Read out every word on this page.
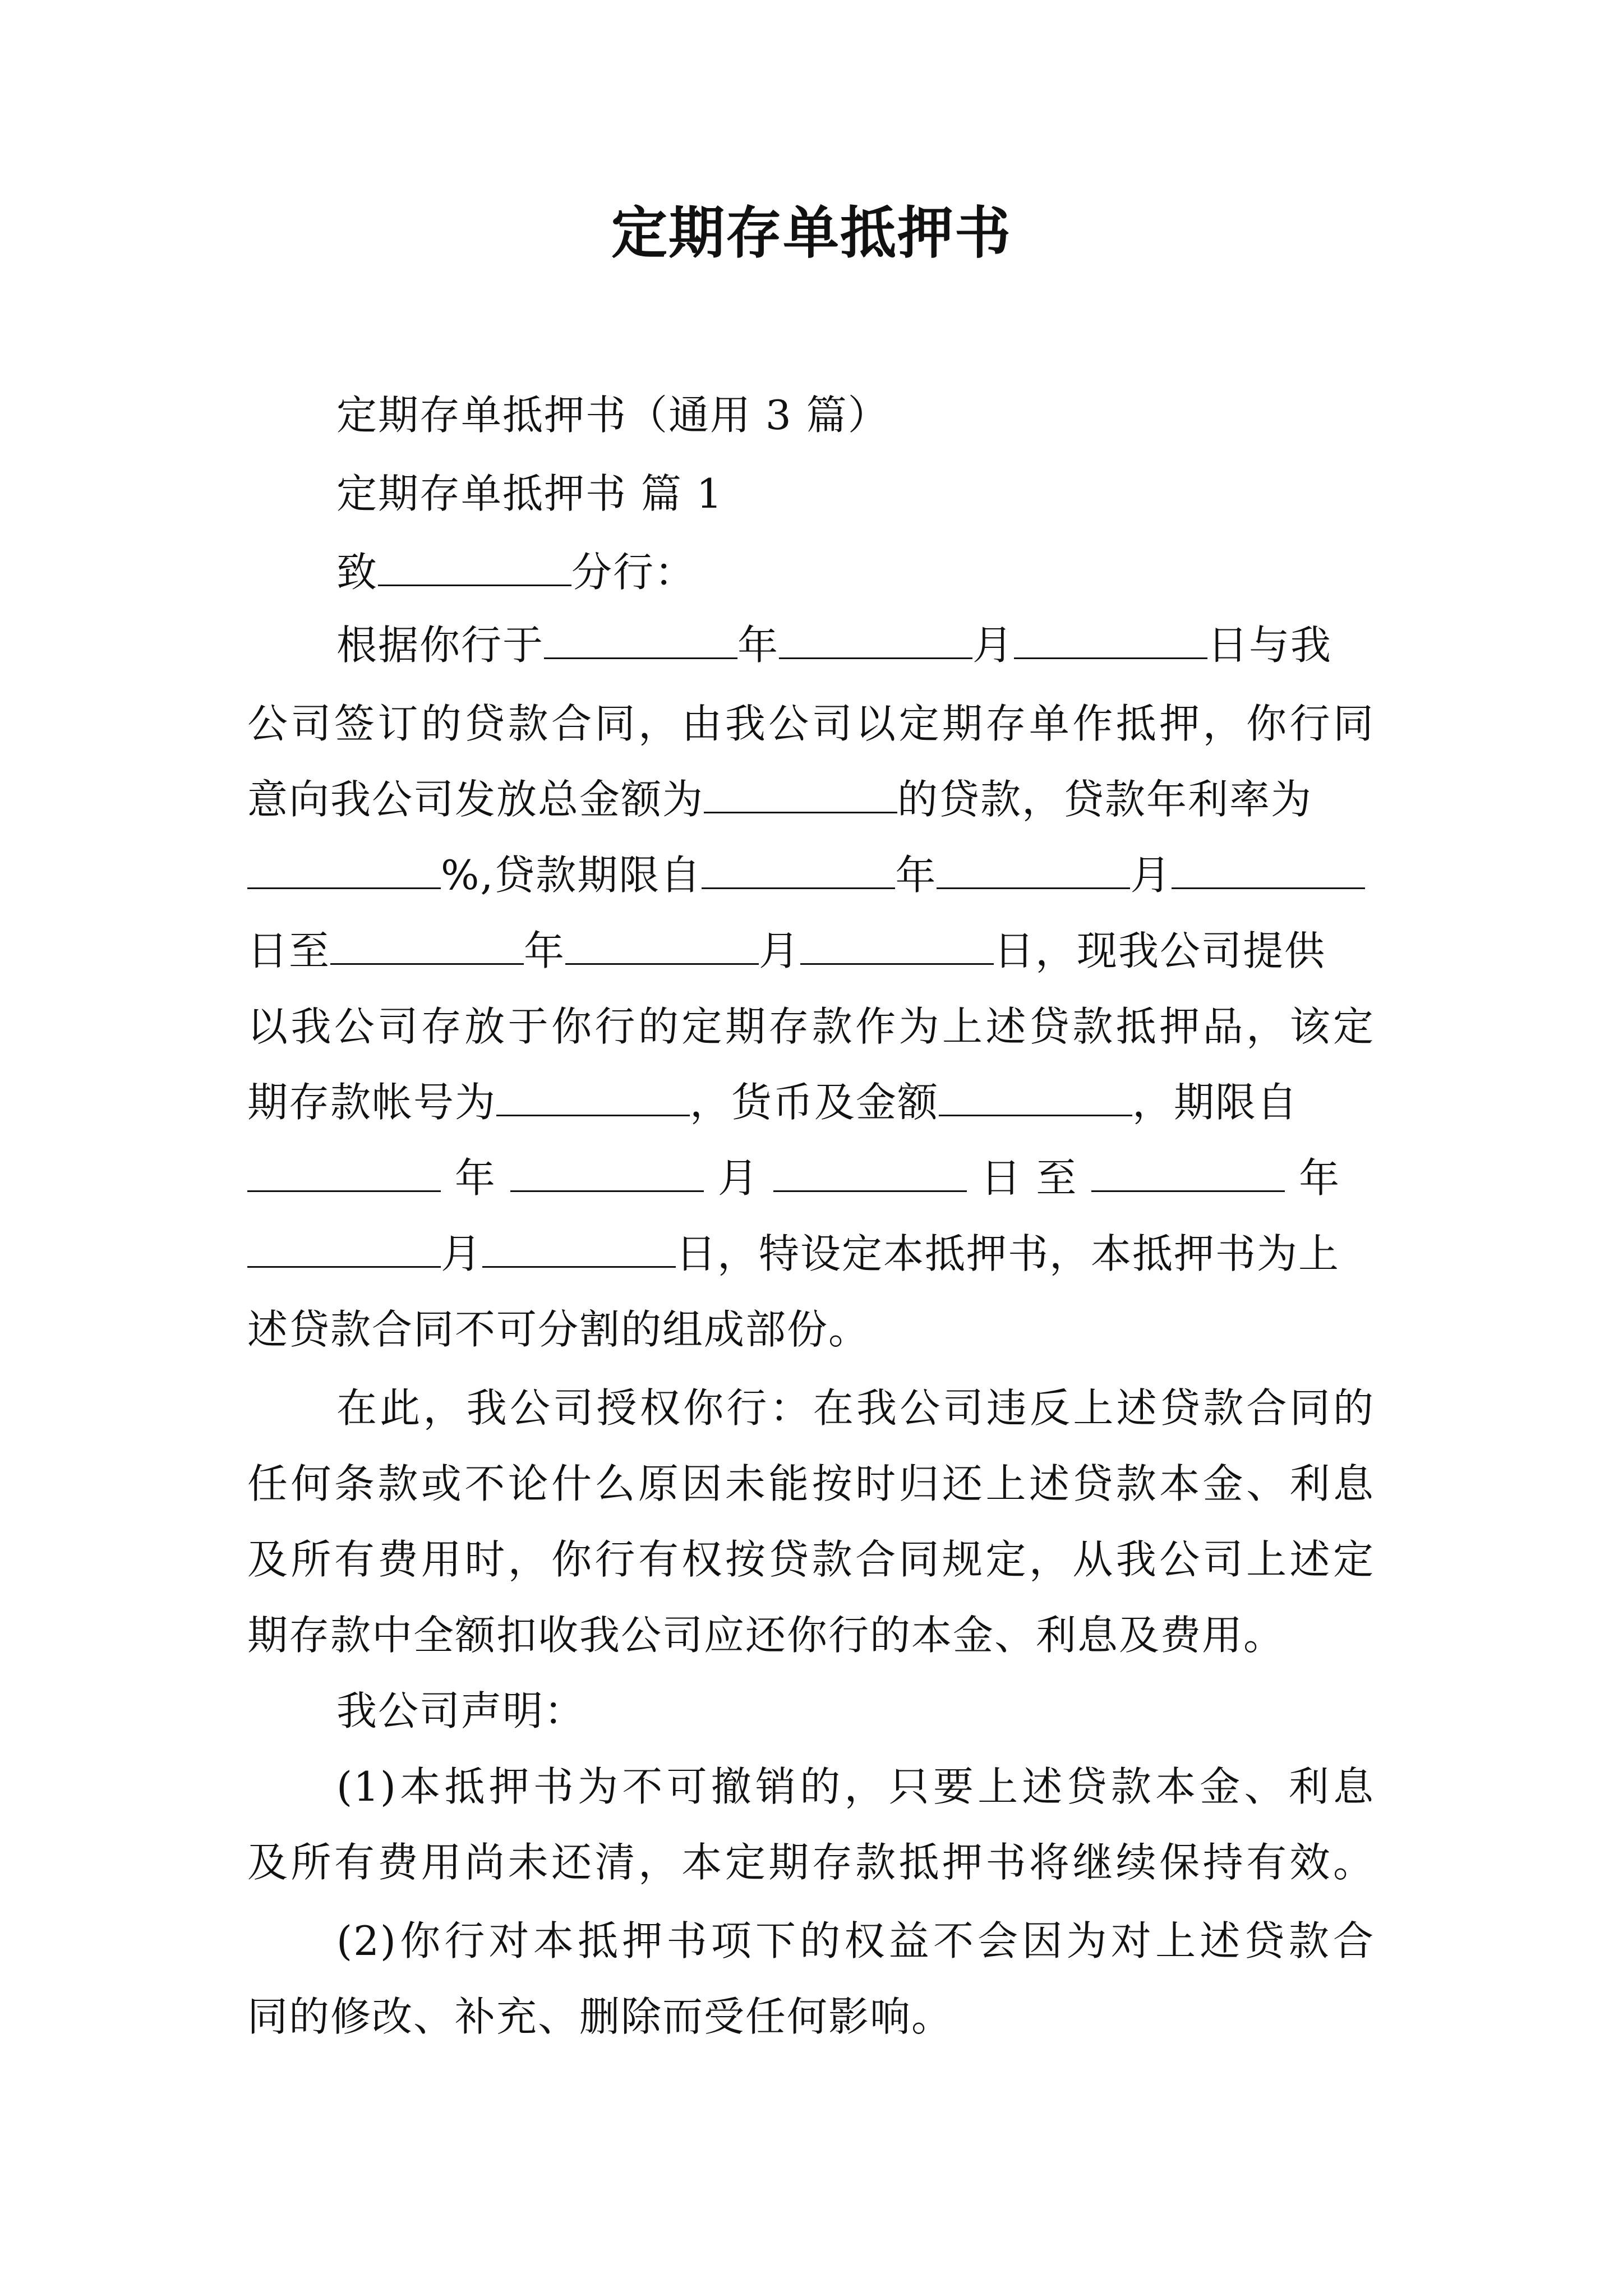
定期存单抵押书
定期存单抵押书（通用 3 篇）
定期存单抵押书 篇 1
致	分行：
根据你行于	年	月	日与我
公司签订的贷款合同，由我公司以定期存单作抵押，你行同
意向我公司发放总金额为	的贷款，贷款年利率为
%,贷款期限自	年	月
日至	年	月	日，现我公司提供
以我公司存放于你行的定期存款作为上述贷款抵押品，该定
期存款帐号为	，货币及金额	，期限自
年	月	日 至	年
月	日，特设定本抵押书，本抵押书为上
述贷款合同不可分割的组成部份。
在此，我公司授权你行：在我公司违反上述贷款合同的
任何条款或不论什么原因未能按时归还上述贷款本金、利息
及所有费用时，你行有权按贷款合同规定，从我公司上述定
期存款中全额扣收我公司应还你行的本金、利息及费用。
我公司声明：
(1)本抵押书为不可撤销的，只要上述贷款本金、利息
及所有费用尚未还清，本定期存款抵押书将继续保持有效。
(2)你行对本抵押书项下的权益不会因为对上述贷款合
同的修改、补充、删除而受任何影响。
